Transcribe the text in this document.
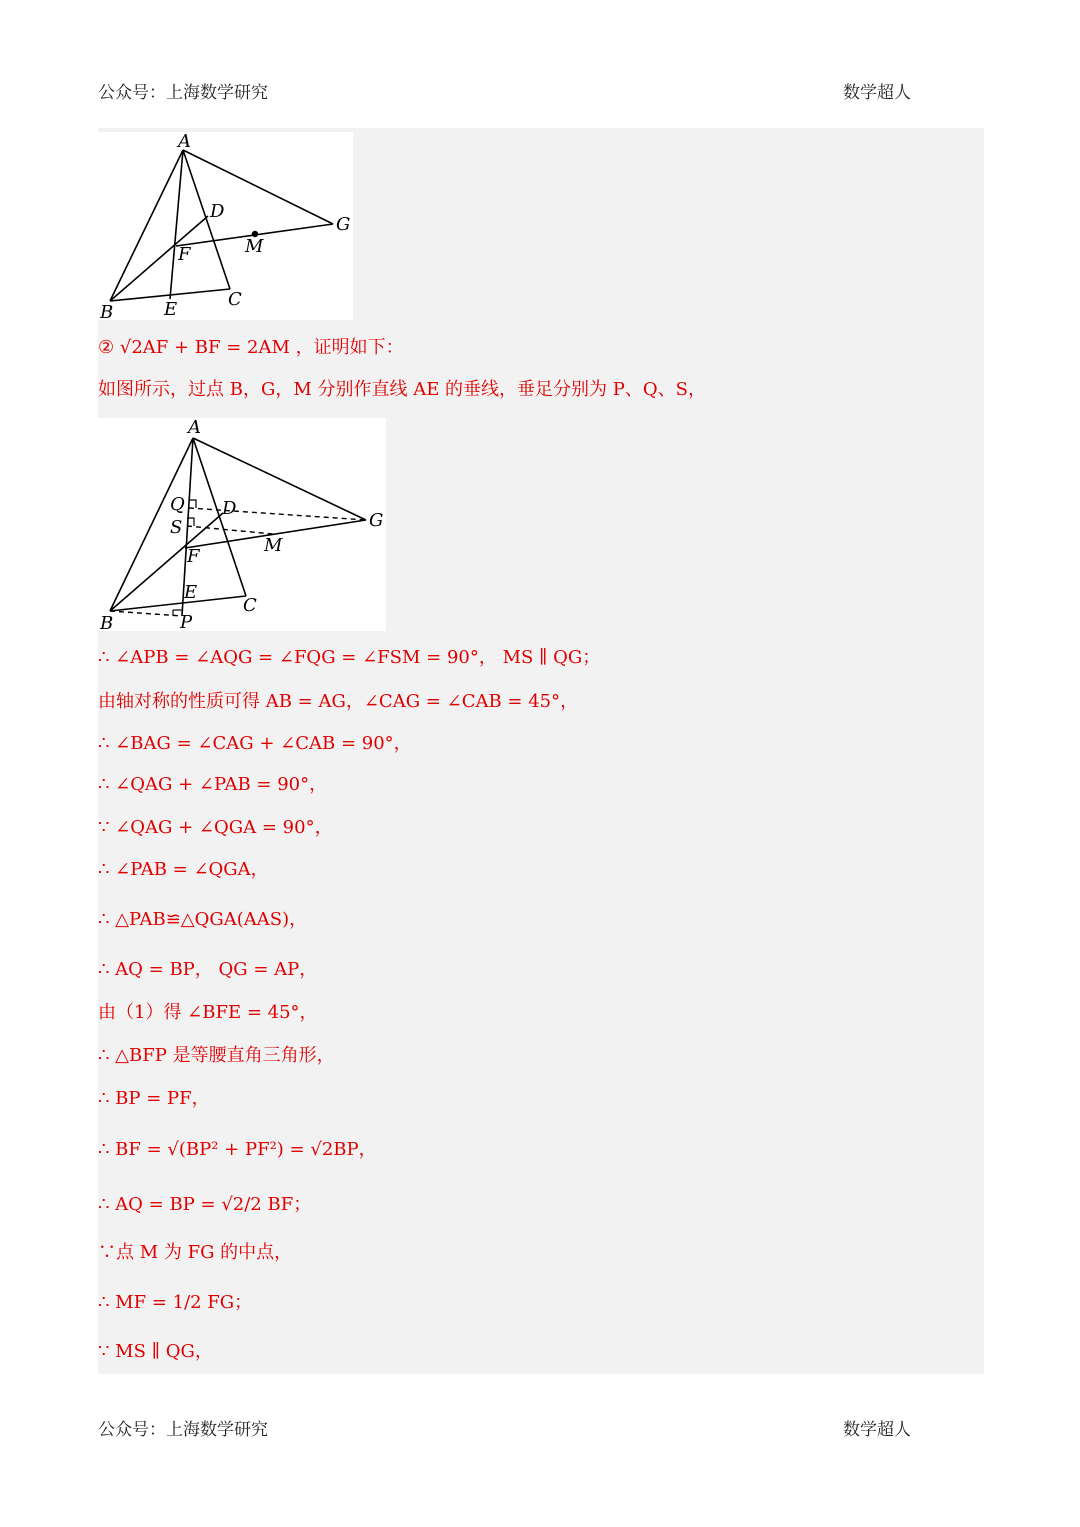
公众号：上海数学研究	数学超人
A
D
G
M
F
B	E	C
② √2AF + BF = 2AM ，证明如下：
如图所示，过点 B，G，M 分别作直线 AE 的垂线，垂足分别为 P、Q、S，
A
Q D
S	G
M
F
E
C
B	P
∴ ∠APB = ∠AQG = ∠FQG = ∠FSM = 90°， MS ∥ QG；
由轴对称的性质可得 AB = AG，∠CAG = ∠CAB = 45°，
∴ ∠BAG = ∠CAG + ∠CAB = 90°，
∴ ∠QAG + ∠PAB = 90°，
∵ ∠QAG + ∠QGA = 90°，
∴ ∠PAB = ∠QGA，
∴ △PAB≌△QGA(AAS)，
∴ AQ = BP， QG = AP，
由（1）得 ∠BFE = 45°，
∴ △BFP 是等腰直角三角形，
∴ BP = PF，
∴ BF = √(BP² + PF²) = √2BP，
∴ AQ = BP = √2/2 BF；
∵点 M 为 FG 的中点，
∴ MF = 1/2 FG；
∵ MS ∥ QG，
公众号：上海数学研究	数学超人
